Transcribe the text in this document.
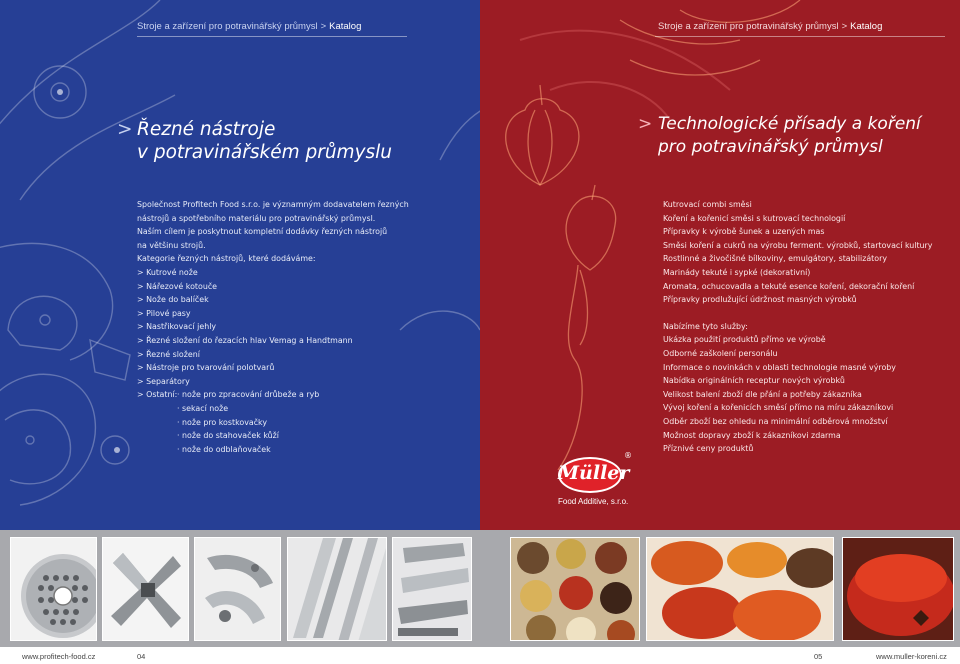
Stroje a zařízení pro potravinářský průmysl > Katalog
> Řezné nástroje
v potravinářském průmyslu
Společnost Profitech Food s.r.o. je významným dodavatelem řezných
nástrojů a spotřebního materiálu pro potravinářský průmysl.
Naším cílem je poskytnout kompletní dodávky řezných nástrojů
na většinu strojů.
Kategorie řezných nástrojů, které dodáváme:
> Kutrové nože
> Nářezové kotouče
> Nože do balíček
> Pilové pasy
> Nastřikovací jehly
> Řezné složení do řezacích hlav Vemag a Handtmann
> Řezné složení
> Nástroje pro tvarování polotvarů
> Separátory
> Ostatní: · nože pro zpracování drůbeže a ryb
· sekací nože
· nože pro kostkovačky
· nože do stahovaček kůží
· nože do odblaňovaček
Stroje a zařízení pro potravinářský průmysl > Katalog
> Technologické přísady a koření
pro potravinářský průmysl
Kutrovací combi směsi
Koření a kořenicí směsi s kutrovací technologií
Přípravky k výrobě šunek a uzených mas
Směsi koření a cukrů na výrobu ferment. výrobků, startovací kultury
Rostlinné a živočišné bílkoviny, emulgátory, stabilizátory
Marinády tekuté i sypké (dekorativní)
Aromata, ochucovadla a tekuté esence koření, dekorační koření
Přípravky prodlužující údržnost masných výrobků
Nabízíme tyto služby:
Ukázka použití produktů přímo ve výrobě
Odborné zaškolení personálu
Informace o novinkách v oblasti technologie masné výroby
Nabídka originálních receptur nových výrobků
Velikost balení zboží dle přání a potřeby zákazníka
Vývoj koření a kořenicích směsí přímo na míru zákazníkovi
Odběr zboží bez ohledu na minimální odběrová množství
Možnost dopravy zboží k zákazníkovi zdarma
Příznivé ceny produktů
Müller
®
Food Additive, s.r.o.
www.profitech-food.cz	04	05	www.muller-koreni.cz
